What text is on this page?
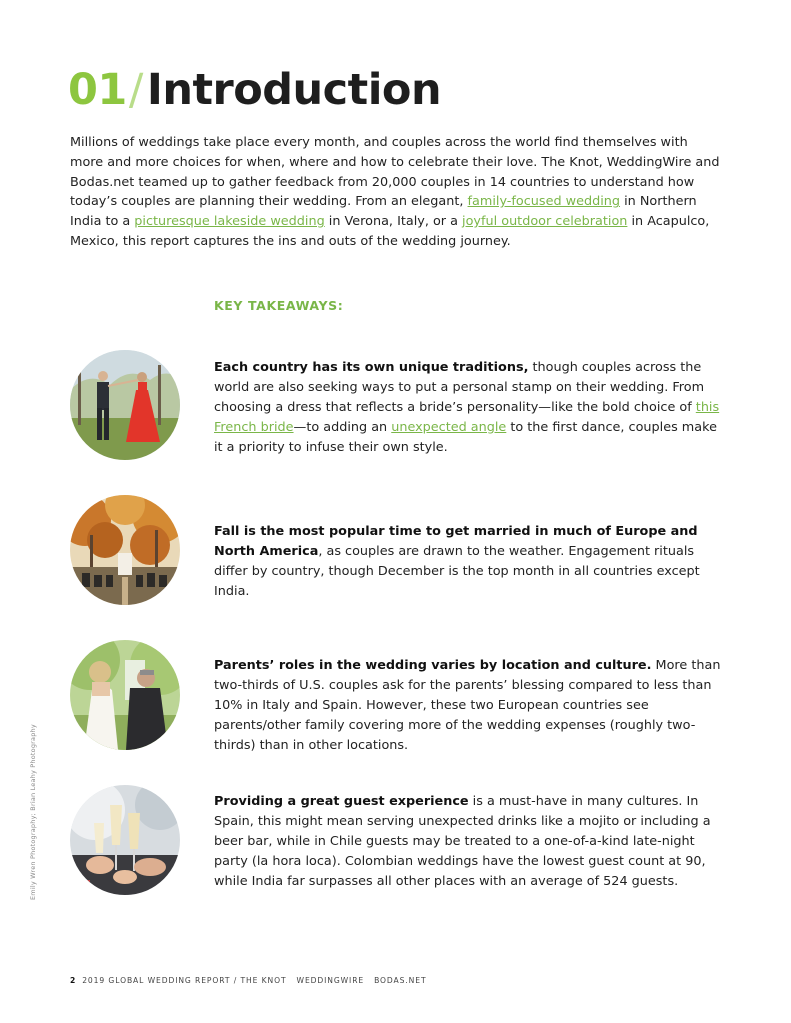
01/Introduction

Millions of weddings take place every month, and couples across the world find themselves with more and more choices for when, where and how to celebrate their love. The Knot, WeddingWire and Bodas.net teamed up to gather feedback from 20,000 couples in 14 countries to understand how today’s couples are planning their wedding. From an elegant, family-focused wedding in Northern India to a picturesque lakeside wedding in Verona, Italy, or a joyful outdoor celebration in Acapulco, Mexico, this report captures the ins and outs of the wedding journey.

KEY TAKEAWAYS:

Each country has its own unique traditions, though couples across the world are also seeking ways to put a personal stamp on their wedding. From choosing a dress that reflects a bride’s personality—like the bold choice of this French bride—to adding an unexpected angle to the first dance, couples make it a priority to infuse their own style.

Fall is the most popular time to get married in much of Europe and North America, as couples are drawn to the weather. Engagement rituals differ by country, though December is the top month in all countries except India.

Parents’ roles in the wedding varies by location and culture. More than two-thirds of U.S. couples ask for the parents’ blessing compared to less than 10% in Italy and Spain. However, these two European countries see parents/other family covering more of the wedding expenses (roughly two-thirds) than in other locations.

Providing a great guest experience is a must-have in many cultures. In Spain, this might mean serving unexpected drinks like a mojito or including a beer bar, while in Chile guests may be treated to a one-of-a-kind late-night party (la hora loca). Colombian weddings have the lowest guest count at 90, while India far surpasses all other places with an average of 524 guests.

Emily Wren Photography; Brian Leahy Photography

2 2019 GLOBAL WEDDING REPORT / THE KNOT WEDDINGWIRE BODAS.NET
